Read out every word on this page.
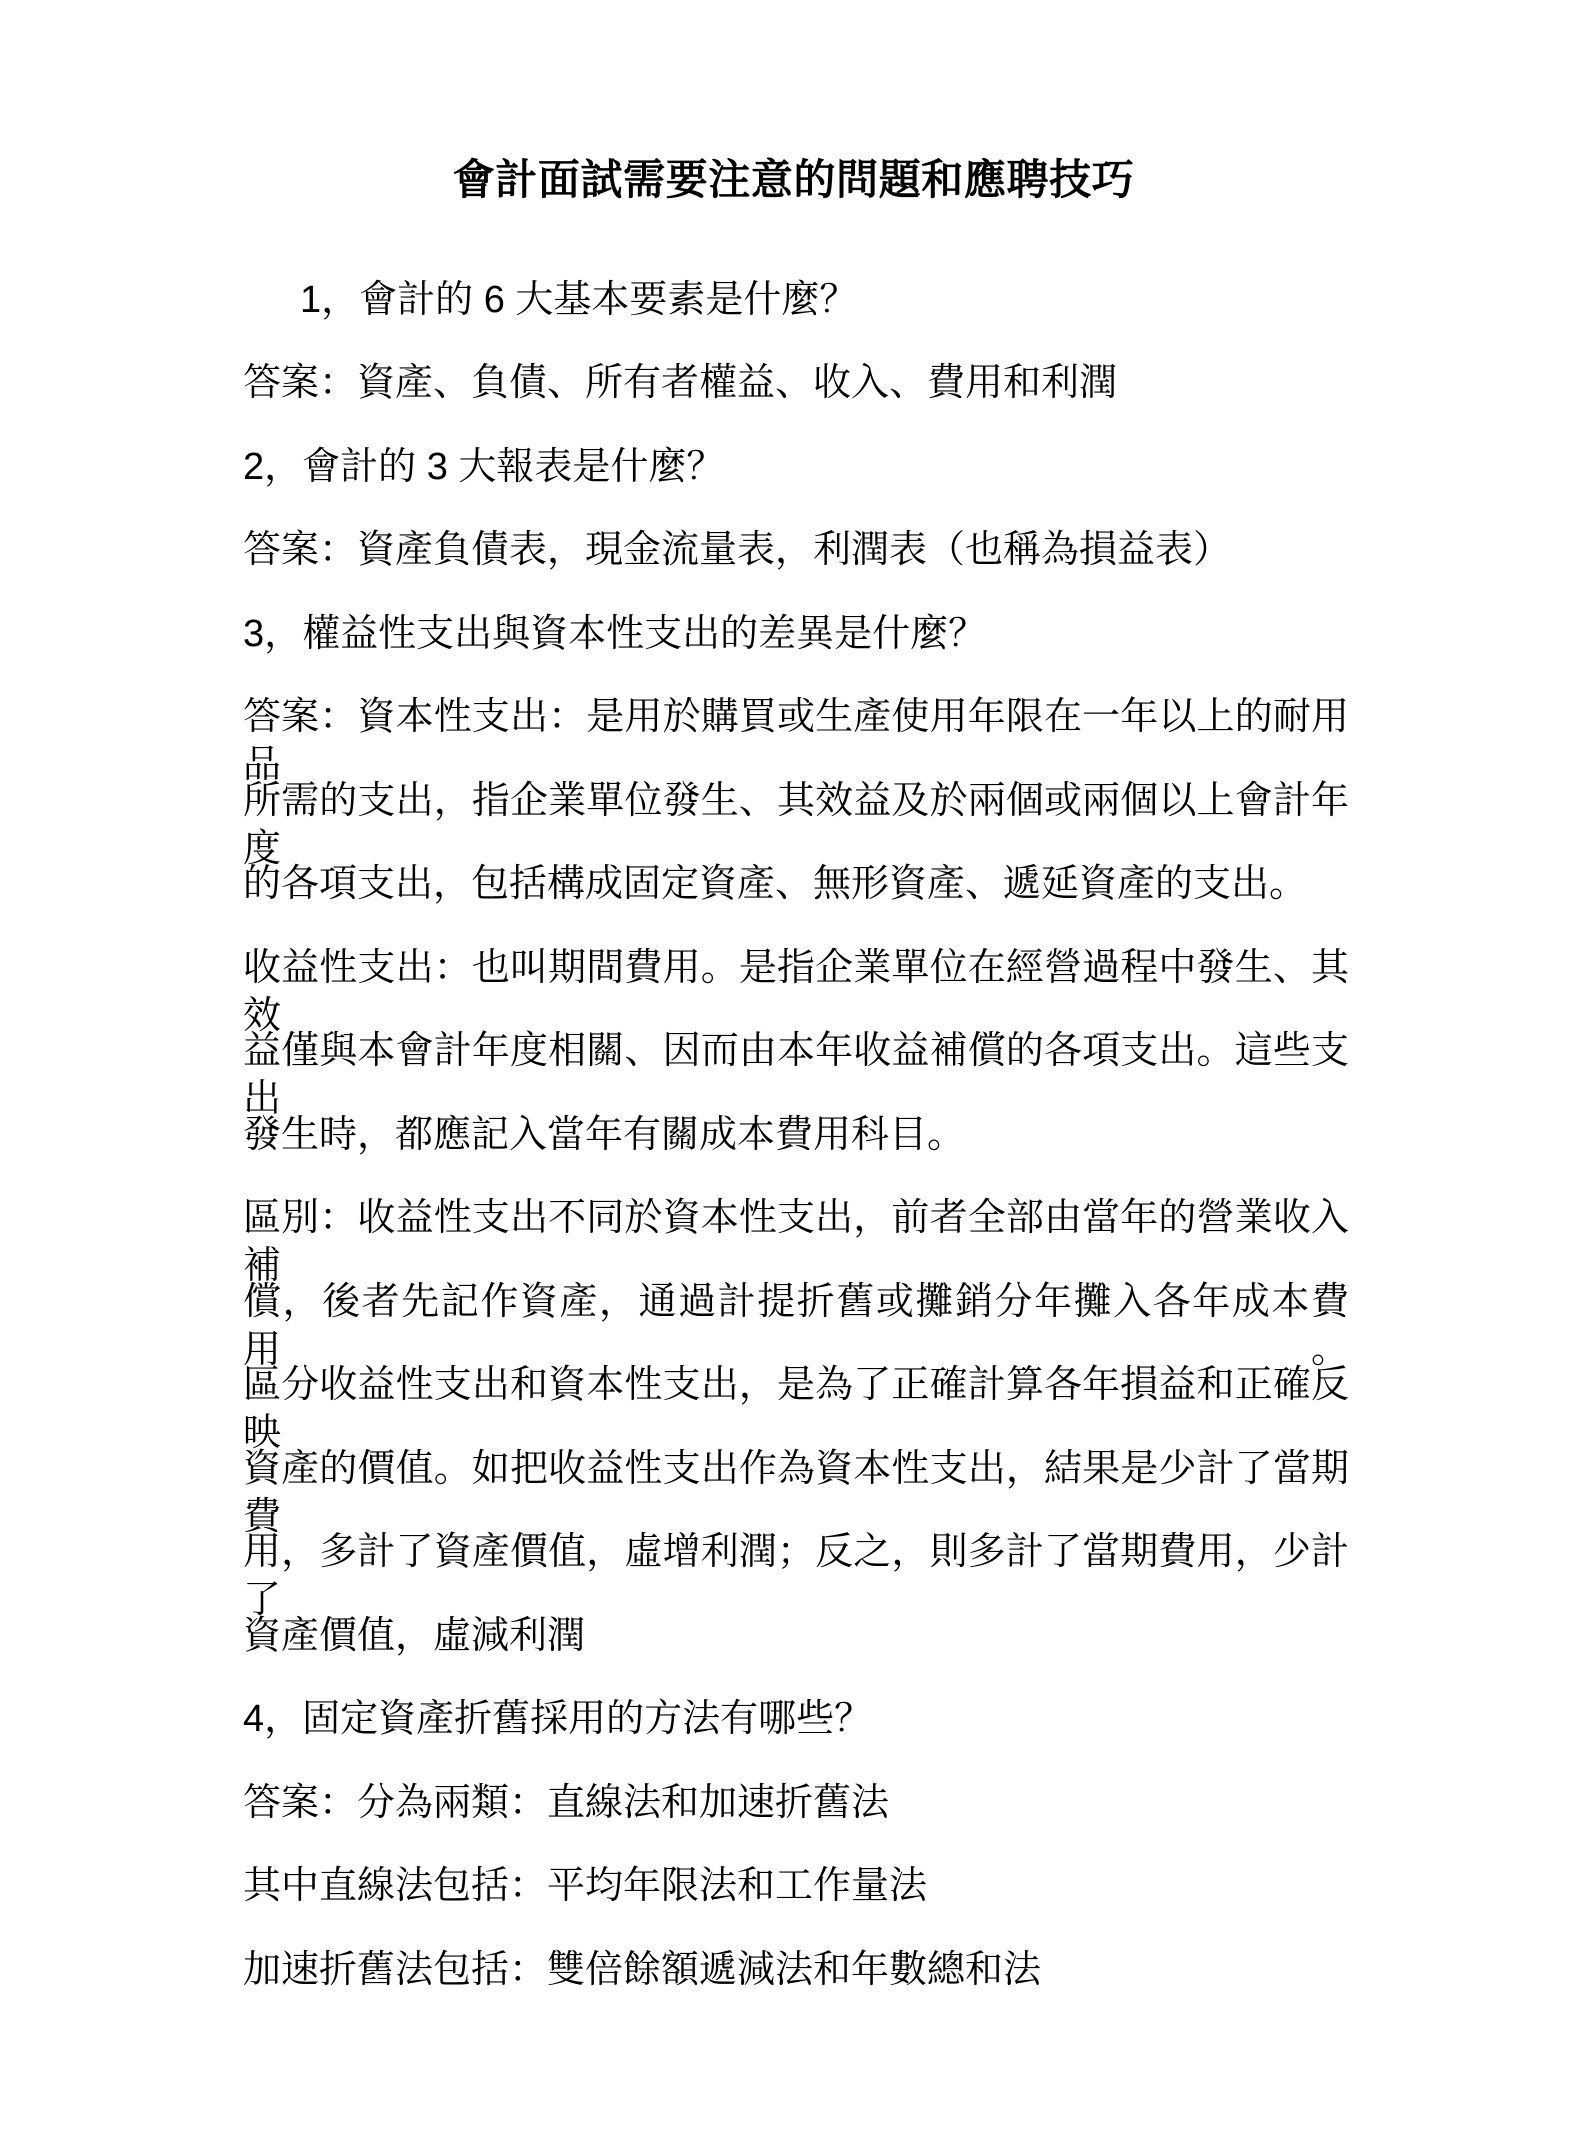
會計面試需要注意的問題和應聘技巧
1，會計的 6 大基本要素是什麼？
答案：資產、負債、所有者權益、收入、費用和利潤
2，會計的 3 大報表是什麼？
答案：資產負債表，現金流量表，利潤表（也稱為損益表）
3，權益性支出與資本性支出的差異是什麼？
答案：資本性支出：是用於購買或生產使用年限在一年以上的耐用品
所需的支出，指企業單位發生、其效益及於兩個或兩個以上會計年度
的各項支出，包括構成固定資產、無形資產、遞延資產的支出。
收益性支出：也叫期間費用。是指企業單位在經營過程中發生、其效
益僅與本會計年度相關、因而由本年收益補償的各項支出。這些支出
發生時，都應記入當年有關成本費用科目。
區別：收益性支出不同於資本性支出，前者全部由當年的營業收入補
償，後者先記作資產，通過計提折舊或攤銷分年攤入各年成本費用。
區分收益性支出和資本性支出，是為了正確計算各年損益和正確反映
資產的價值。如把收益性支出作為資本性支出，結果是少計了當期費
用，多計了資產價值，虛增利潤；反之，則多計了當期費用，少計了
資產價值，虛減利潤
4，固定資產折舊採用的方法有哪些？
答案：分為兩類：直線法和加速折舊法
其中直線法包括：平均年限法和工作量法
加速折舊法包括：雙倍餘額遞減法和年數總和法
